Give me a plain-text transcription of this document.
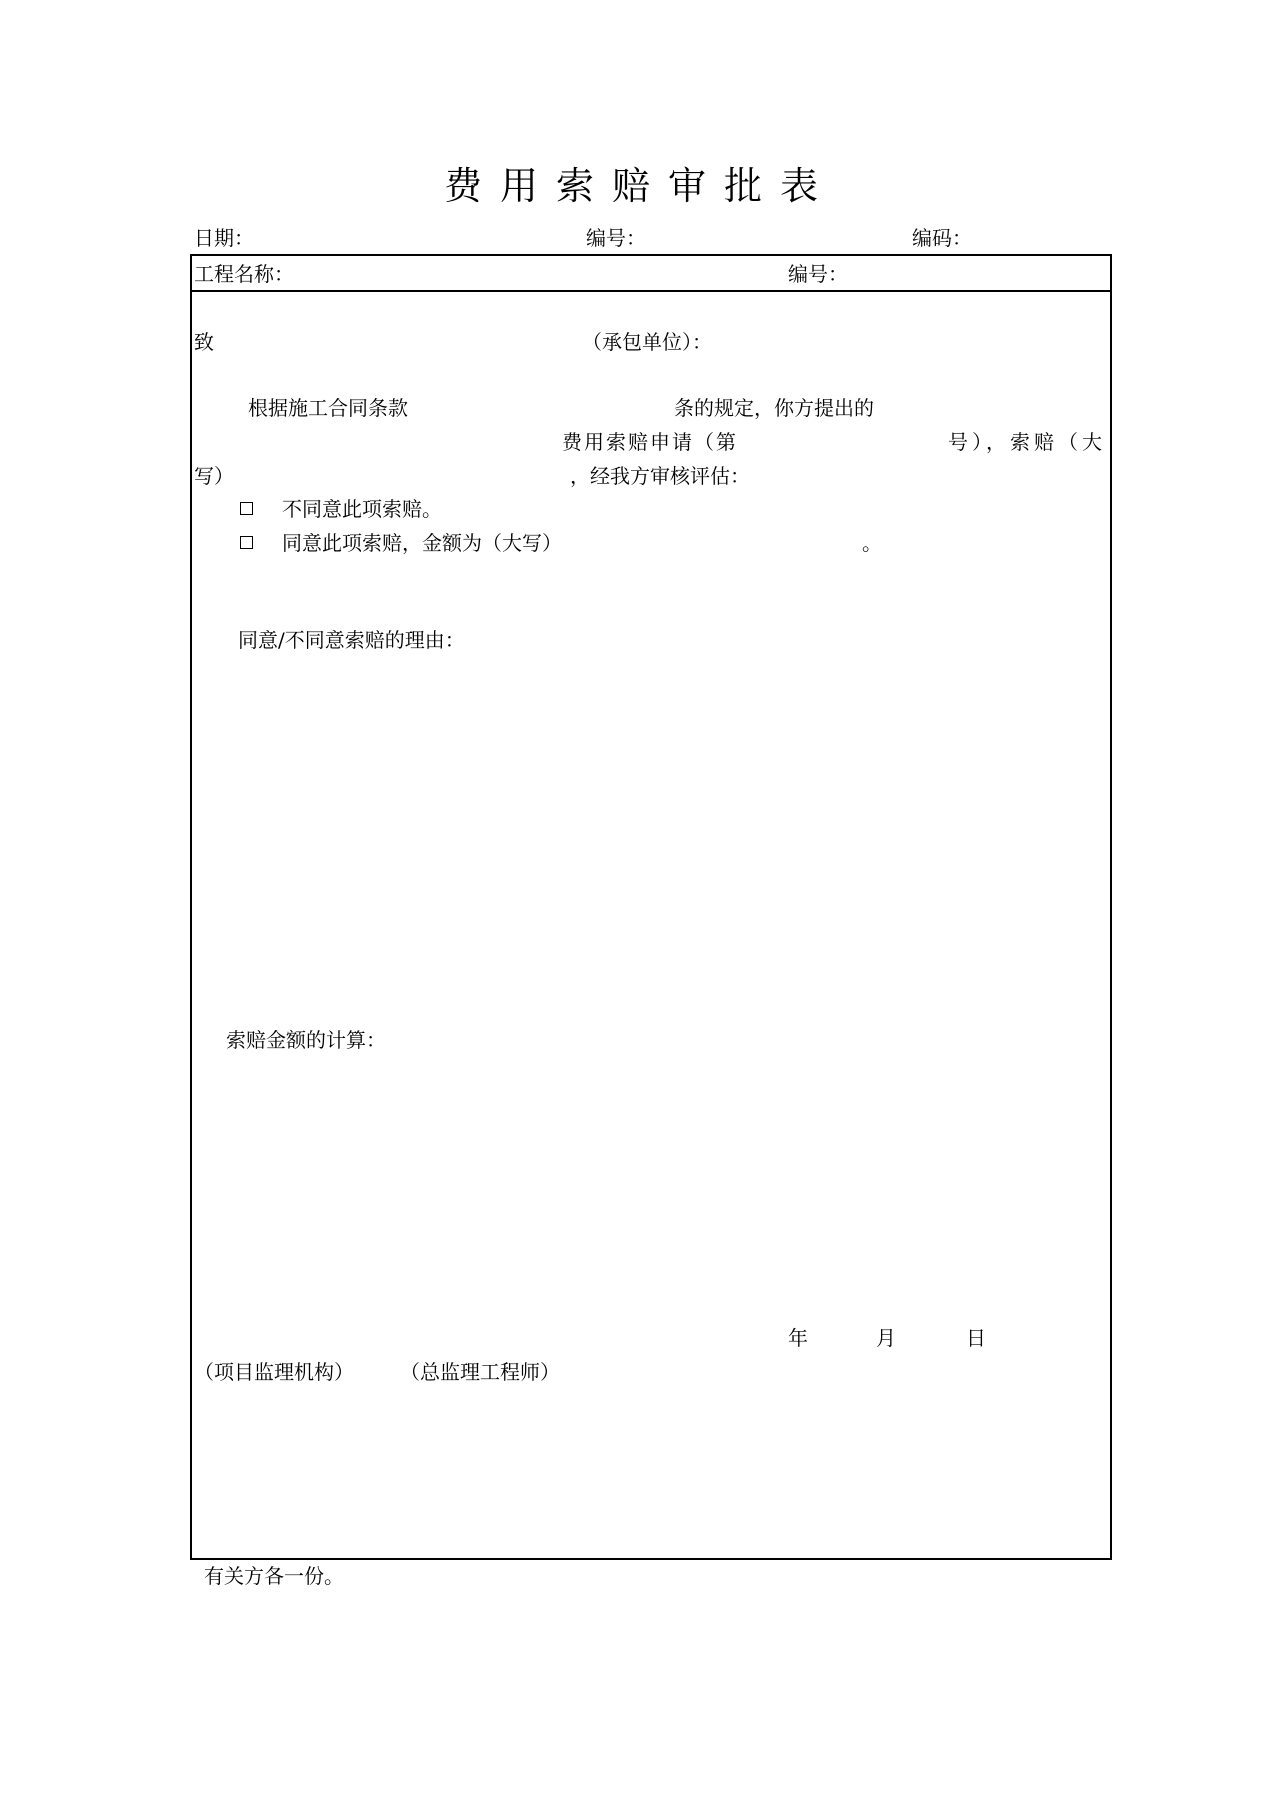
费用索赔审批表
日期：	编号：	编码：
工程名称：	编号：
致	（承包单位）：
根据施工合同条款	条的规定，你方提出的
费用索赔申请（第	号），索赔（大
写）	，经我方审核评估：
不同意此项索赔。
同意此项索赔，金额为（大写）	。
同意/不同意索赔的理由：
索赔金额的计算：
年	月	日
（项目监理机构） （总监理工程师）
有关方各一份。
